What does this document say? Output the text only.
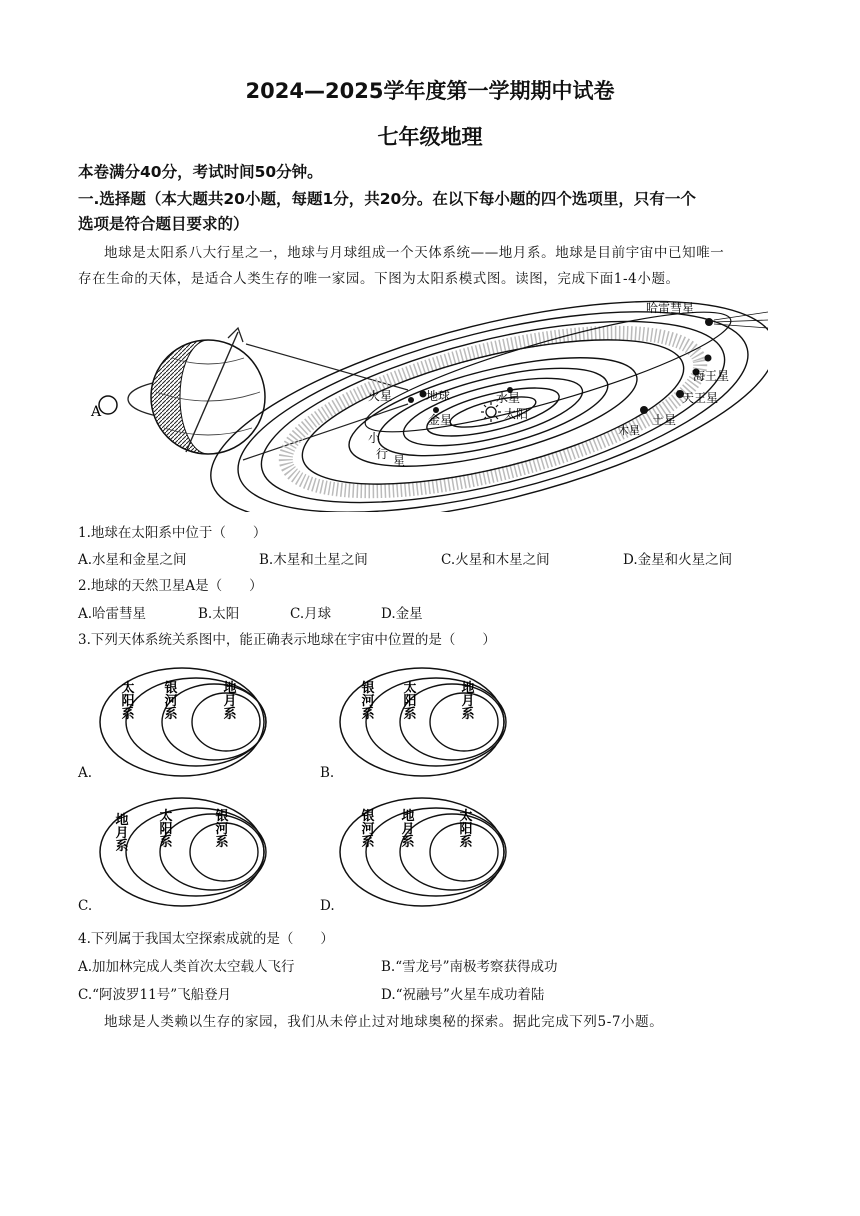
2024—2025学年度第一学期期中试卷
七年级地理
本卷满分40分，考试时间50分钟。
一.选择题（本大题共20小题，每题1分，共20分。在以下每小题的四个选项里，只有一个
选项是符合题目要求的）
地球是太阳系八大行星之一，地球与月球组成一个天体系统——地月系。地球是目前宇宙中已知唯一
存在生命的天体，是适合人类生存的唯一家园。下图为太阳系模式图。读图，完成下面1-4小题。
A
哈雷彗星
海王星
天王星
土星
木星
火星	地球	水星
太阳
金星
小
行 星
1.地球在太阳系中位于（　　）
A.水星和金星之间	B.木星和土星之间	C.火星和木星之间	D.金星和火星之间
2.地球的天然卫星A是（　　）
A.哈雷彗星	B.太阳	C.月球	D.金星
3.下列天体系统关系图中，能正确表示地球在宇宙中位置的是（　　）
A.
太阳系 银河系	地月系
B.
银河系 太阳系	地月系
C.
地月系 太阳系	银河系
D.
银河系 地月系	太阳系
4.下列属于我国太空探索成就的是（　　）
A.加加林完成人类首次太空载人飞行	B.“雪龙号”南极考察获得成功
C.“阿波罗11号”飞船登月	D.“祝融号”火星车成功着陆
地球是人类赖以生存的家园，我们从未停止过对地球奥秘的探索。据此完成下列5-7小题。
